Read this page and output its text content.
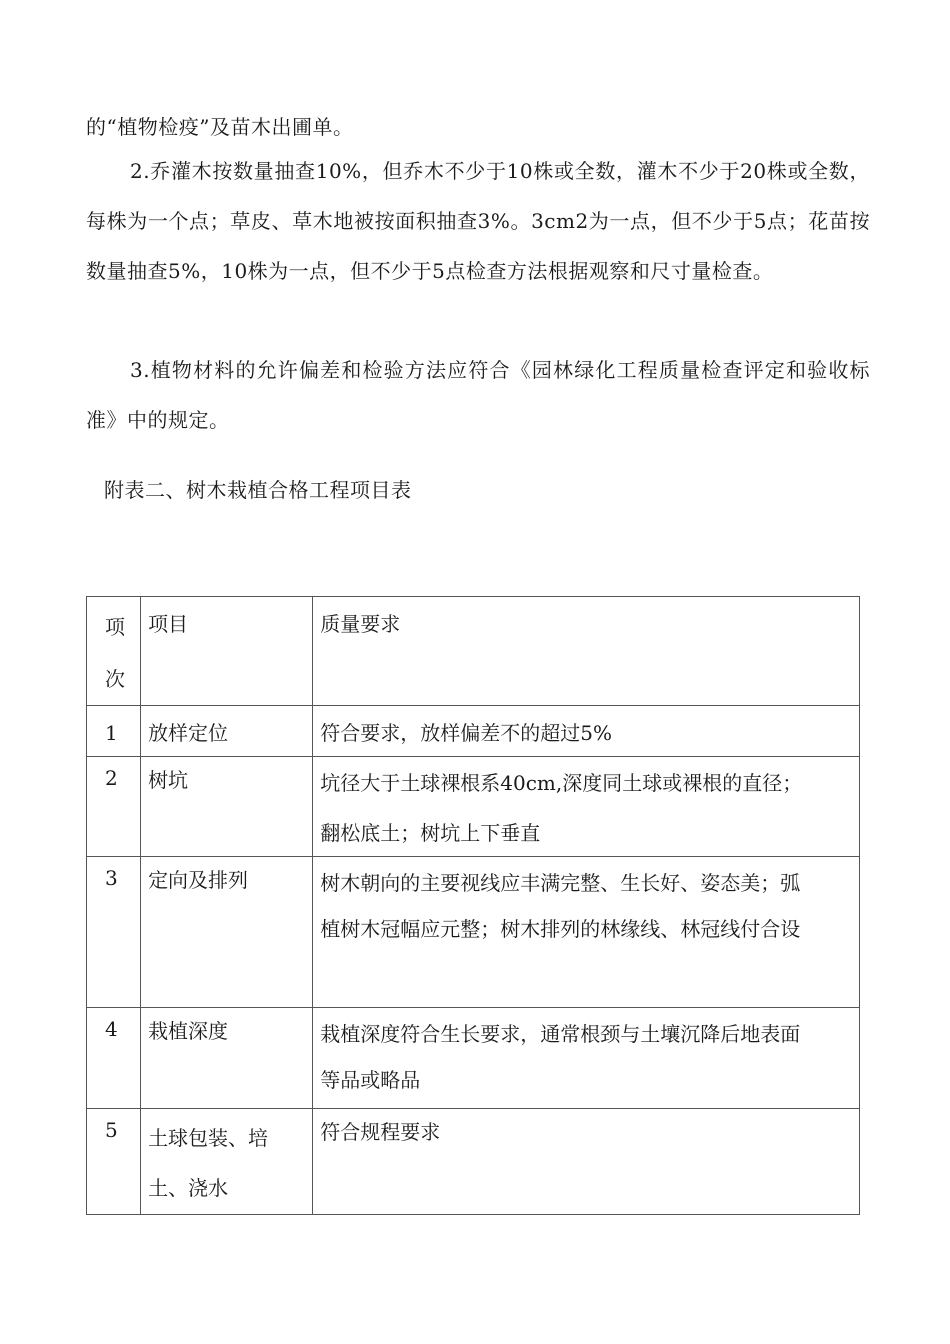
的“植物检疫”及苗木出圃单。

2.乔灌木按数量抽查10%，但乔木不少于10株或全数，灌木不少于20株或全数，每株为一个点；草皮、草木地被按面积抽查3%。3cm2为一点，但不少于5点；花苗按数量抽查5%，10株为一点，但不少于5点检查方法根据观察和尺寸量检查。

3.植物材料的允许偏差和检验方法应符合《园林绿化工程质量检查评定和验收标准》中的规定。

附表二、树木栽植合格工程项目表

项次	项目	质量要求

1	放样定位	符合要求，放样偏差不的超过5%

2	树坑	坑径大于土球裸根系40cm,深度同土球或裸根的直径；
翻松底土；树坑上下垂直

3	定向及排列	树木朝向的主要视线应丰满完整、生长好、姿态美；弧
植树木冠幅应元整；树木排列的林缘线、林冠线付合设

4	栽植深度	栽植深度符合生长要求，通常根颈与土壤沉降后地表面
等品或略品

5	土球包装、培土、浇水	符合规程要求
